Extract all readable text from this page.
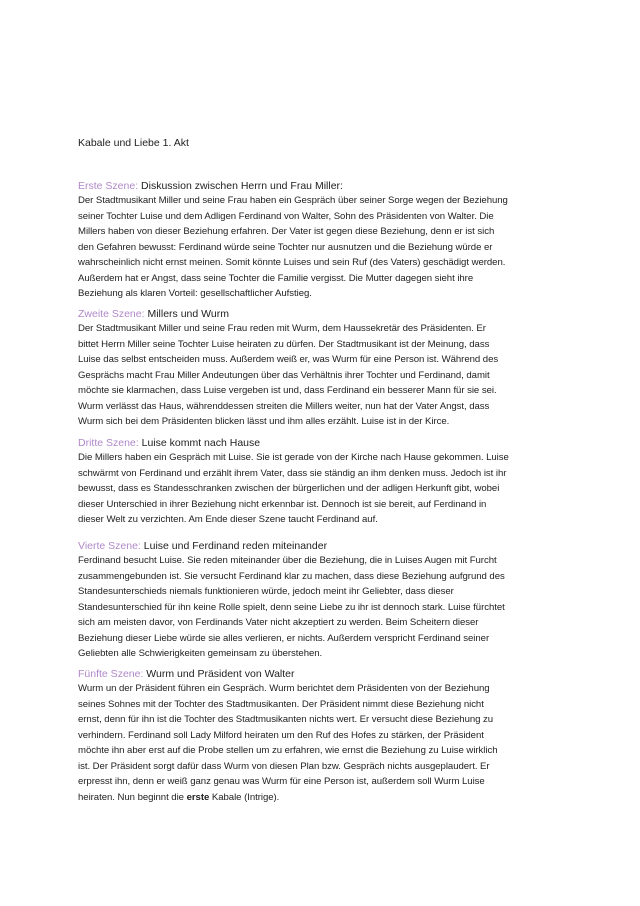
Kabale und Liebe 1. Akt
Erste Szene: Diskussion zwischen Herrn und Frau Miller:
Der Stadtmusikant Miller und seine Frau haben ein Gespräch über seiner Sorge wegen der Beziehung
seiner Tochter Luise und dem Adligen Ferdinand von Walter, Sohn des Präsidenten von Walter. Die
Millers haben von dieser Beziehung erfahren. Der Vater ist gegen diese Beziehung, denn er ist sich
den Gefahren bewusst: Ferdinand würde seine Tochter nur ausnutzen und die Beziehung würde er
wahrscheinlich nicht ernst meinen. Somit könnte Luises und sein Ruf (des Vaters) geschädigt werden.
Außerdem hat er Angst, dass seine Tochter die Familie vergisst. Die Mutter dagegen sieht ihre
Beziehung als klaren Vorteil: gesellschaftlicher Aufstieg.
Zweite Szene: Millers und Wurm
Der Stadtmusikant Miller und seine Frau reden mit Wurm, dem Haussekretär des Präsidenten. Er
bittet Herrn Miller seine Tochter Luise heiraten zu dürfen. Der Stadtmusikant ist der Meinung, dass
Luise das selbst entscheiden muss. Außerdem weiß er, was Wurm für eine Person ist. Während des
Gesprächs macht Frau Miller Andeutungen über das Verhältnis ihrer Tochter und Ferdinand, damit
möchte sie klarmachen, dass Luise vergeben ist und, dass Ferdinand ein besserer Mann für sie sei.
Wurm verlässt das Haus, währenddessen streiten die Millers weiter, nun hat der Vater Angst, dass
Wurm sich bei dem Präsidenten blicken lässt und ihm alles erzählt. Luise ist in der Kirce.
Dritte Szene: Luise kommt nach Hause
Die Millers haben ein Gespräch mit Luise. Sie ist gerade von der Kirche nach Hause gekommen. Luise
schwärmt von Ferdinand und erzählt ihrem Vater, dass sie ständig an ihm denken muss. Jedoch ist ihr
bewusst, dass es Standesschranken zwischen der bürgerlichen und der adligen Herkunft gibt, wobei
dieser Unterschied in ihrer Beziehung nicht erkennbar ist. Dennoch ist sie bereit, auf Ferdinand in
dieser Welt zu verzichten. Am Ende dieser Szene taucht Ferdinand auf.
Vierte Szene: Luise und Ferdinand reden miteinander
Ferdinand besucht Luise. Sie reden miteinander über die Beziehung, die in Luises Augen mit Furcht
zusammengebunden ist. Sie versucht Ferdinand klar zu machen, dass diese Beziehung aufgrund des
Standesunterschieds niemals funktionieren würde, jedoch meint ihr Geliebter, dass dieser
Standesunterschied für ihn keine Rolle spielt, denn seine Liebe zu ihr ist dennoch stark. Luise fürchtet
sich am meisten davor, von Ferdinands Vater nicht akzeptiert zu werden. Beim Scheitern dieser
Beziehung dieser Liebe würde sie alles verlieren, er nichts. Außerdem verspricht Ferdinand seiner
Geliebten alle Schwierigkeiten gemeinsam zu überstehen.
Fünfte Szene: Wurm und Präsident von Walter
Wurm un der Präsident führen ein Gespräch. Wurm berichtet dem Präsidenten von der Beziehung
seines Sohnes mit der Tochter des Stadtmusikanten. Der Präsident nimmt diese Beziehung nicht
ernst, denn für ihn ist die Tochter des Stadtmusikanten nichts wert. Er versucht diese Beziehung zu
verhindern. Ferdinand soll Lady Milford heiraten um den Ruf des Hofes zu stärken, der Präsident
möchte ihn aber erst auf die Probe stellen um zu erfahren, wie ernst die Beziehung zu Luise wirklich
ist. Der Präsident sorgt dafür dass Wurm von diesen Plan bzw. Gespräch nichts ausgeplaudert. Er
erpresst ihn, denn er weiß ganz genau was Wurm für eine Person ist, außerdem soll Wurm Luise
heiraten. Nun beginnt die erste Kabale (Intrige).
